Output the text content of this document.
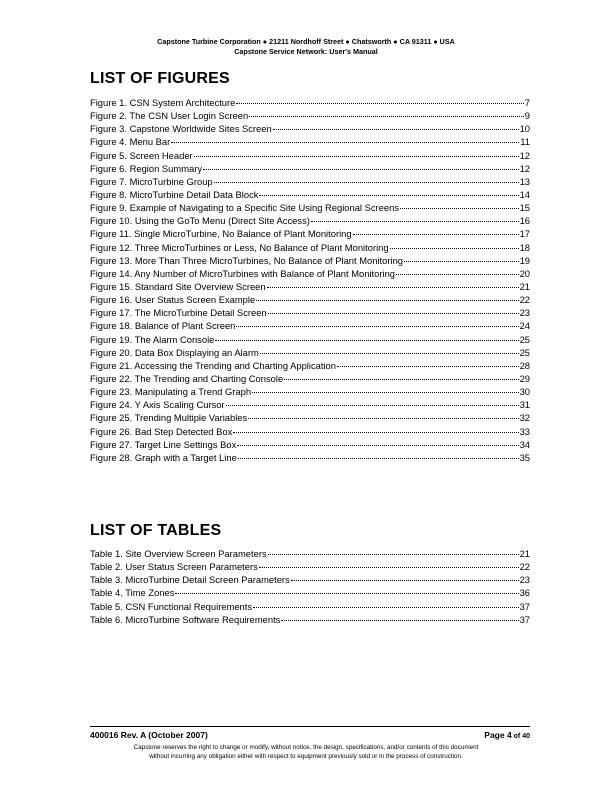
Capstone Turbine Corporation ● 21211 Nordhoff Street ● Chatsworth ● CA 91311 ● USA
Capstone Service Network: User's Manual
LIST OF FIGURES
Figure 1. CSN System Architecture	7
Figure 2. The CSN User Login Screen	9
Figure 3. Capstone Worldwide Sites Screen	10
Figure 4. Menu Bar	11
Figure 5. Screen Header	12
Figure 6. Region Summary	12
Figure 7. MicroTurbine Group	13
Figure 8. MicroTurbine Detail Data Block	14
Figure 9. Example of Navigating to a Specific Site Using Regional Screens	15
Figure 10. Using the GoTo Menu (Direct Site Access)	16
Figure 11. Single MicroTurbine, No Balance of Plant Monitoring	17
Figure 12. Three MicroTurbines or Less, No Balance of Plant Monitoring	18
Figure 13. More Than Three MicroTurbines, No Balance of Plant Monitoring	19
Figure 14. Any Number of MicroTurbines with Balance of Plant Monitoring	20
Figure 15. Standard Site Overview Screen	21
Figure 16. User Status Screen Example	22
Figure 17. The MicroTurbine Detail Screen	23
Figure 18. Balance of Plant Screen	24
Figure 19. The Alarm Console	25
Figure 20. Data Box Displaying an Alarm	25
Figure 21. Accessing the Trending and Charting Application	28
Figure 22. The Trending and Charting Console	29
Figure 23. Manipulating a Trend Graph	30
Figure 24. Y Axis Scaling Cursor	31
Figure 25. Trending Multiple Variables	32
Figure 26. Bad Step Detected Box	33
Figure 27. Target Line Settings Box	34
Figure 28. Graph with a Target Line	35
LIST OF TABLES
Table 1. Site Overview Screen Parameters	21
Table 2. User Status Screen Parameters	22
Table 3. MicroTurbine Detail Screen Parameters	23
Table 4. Time Zones	36
Table 5. CSN Functional Requirements	37
Table 6. MicroTurbine Software Requirements	37
400016 Rev. A (October 2007)	Page 4 of 40
Capstone reserves the right to change or modify, without notice, the design, specifications, and/or contents of this document
without incurring any obligation either with respect to equipment previously sold or in the process of construction.
